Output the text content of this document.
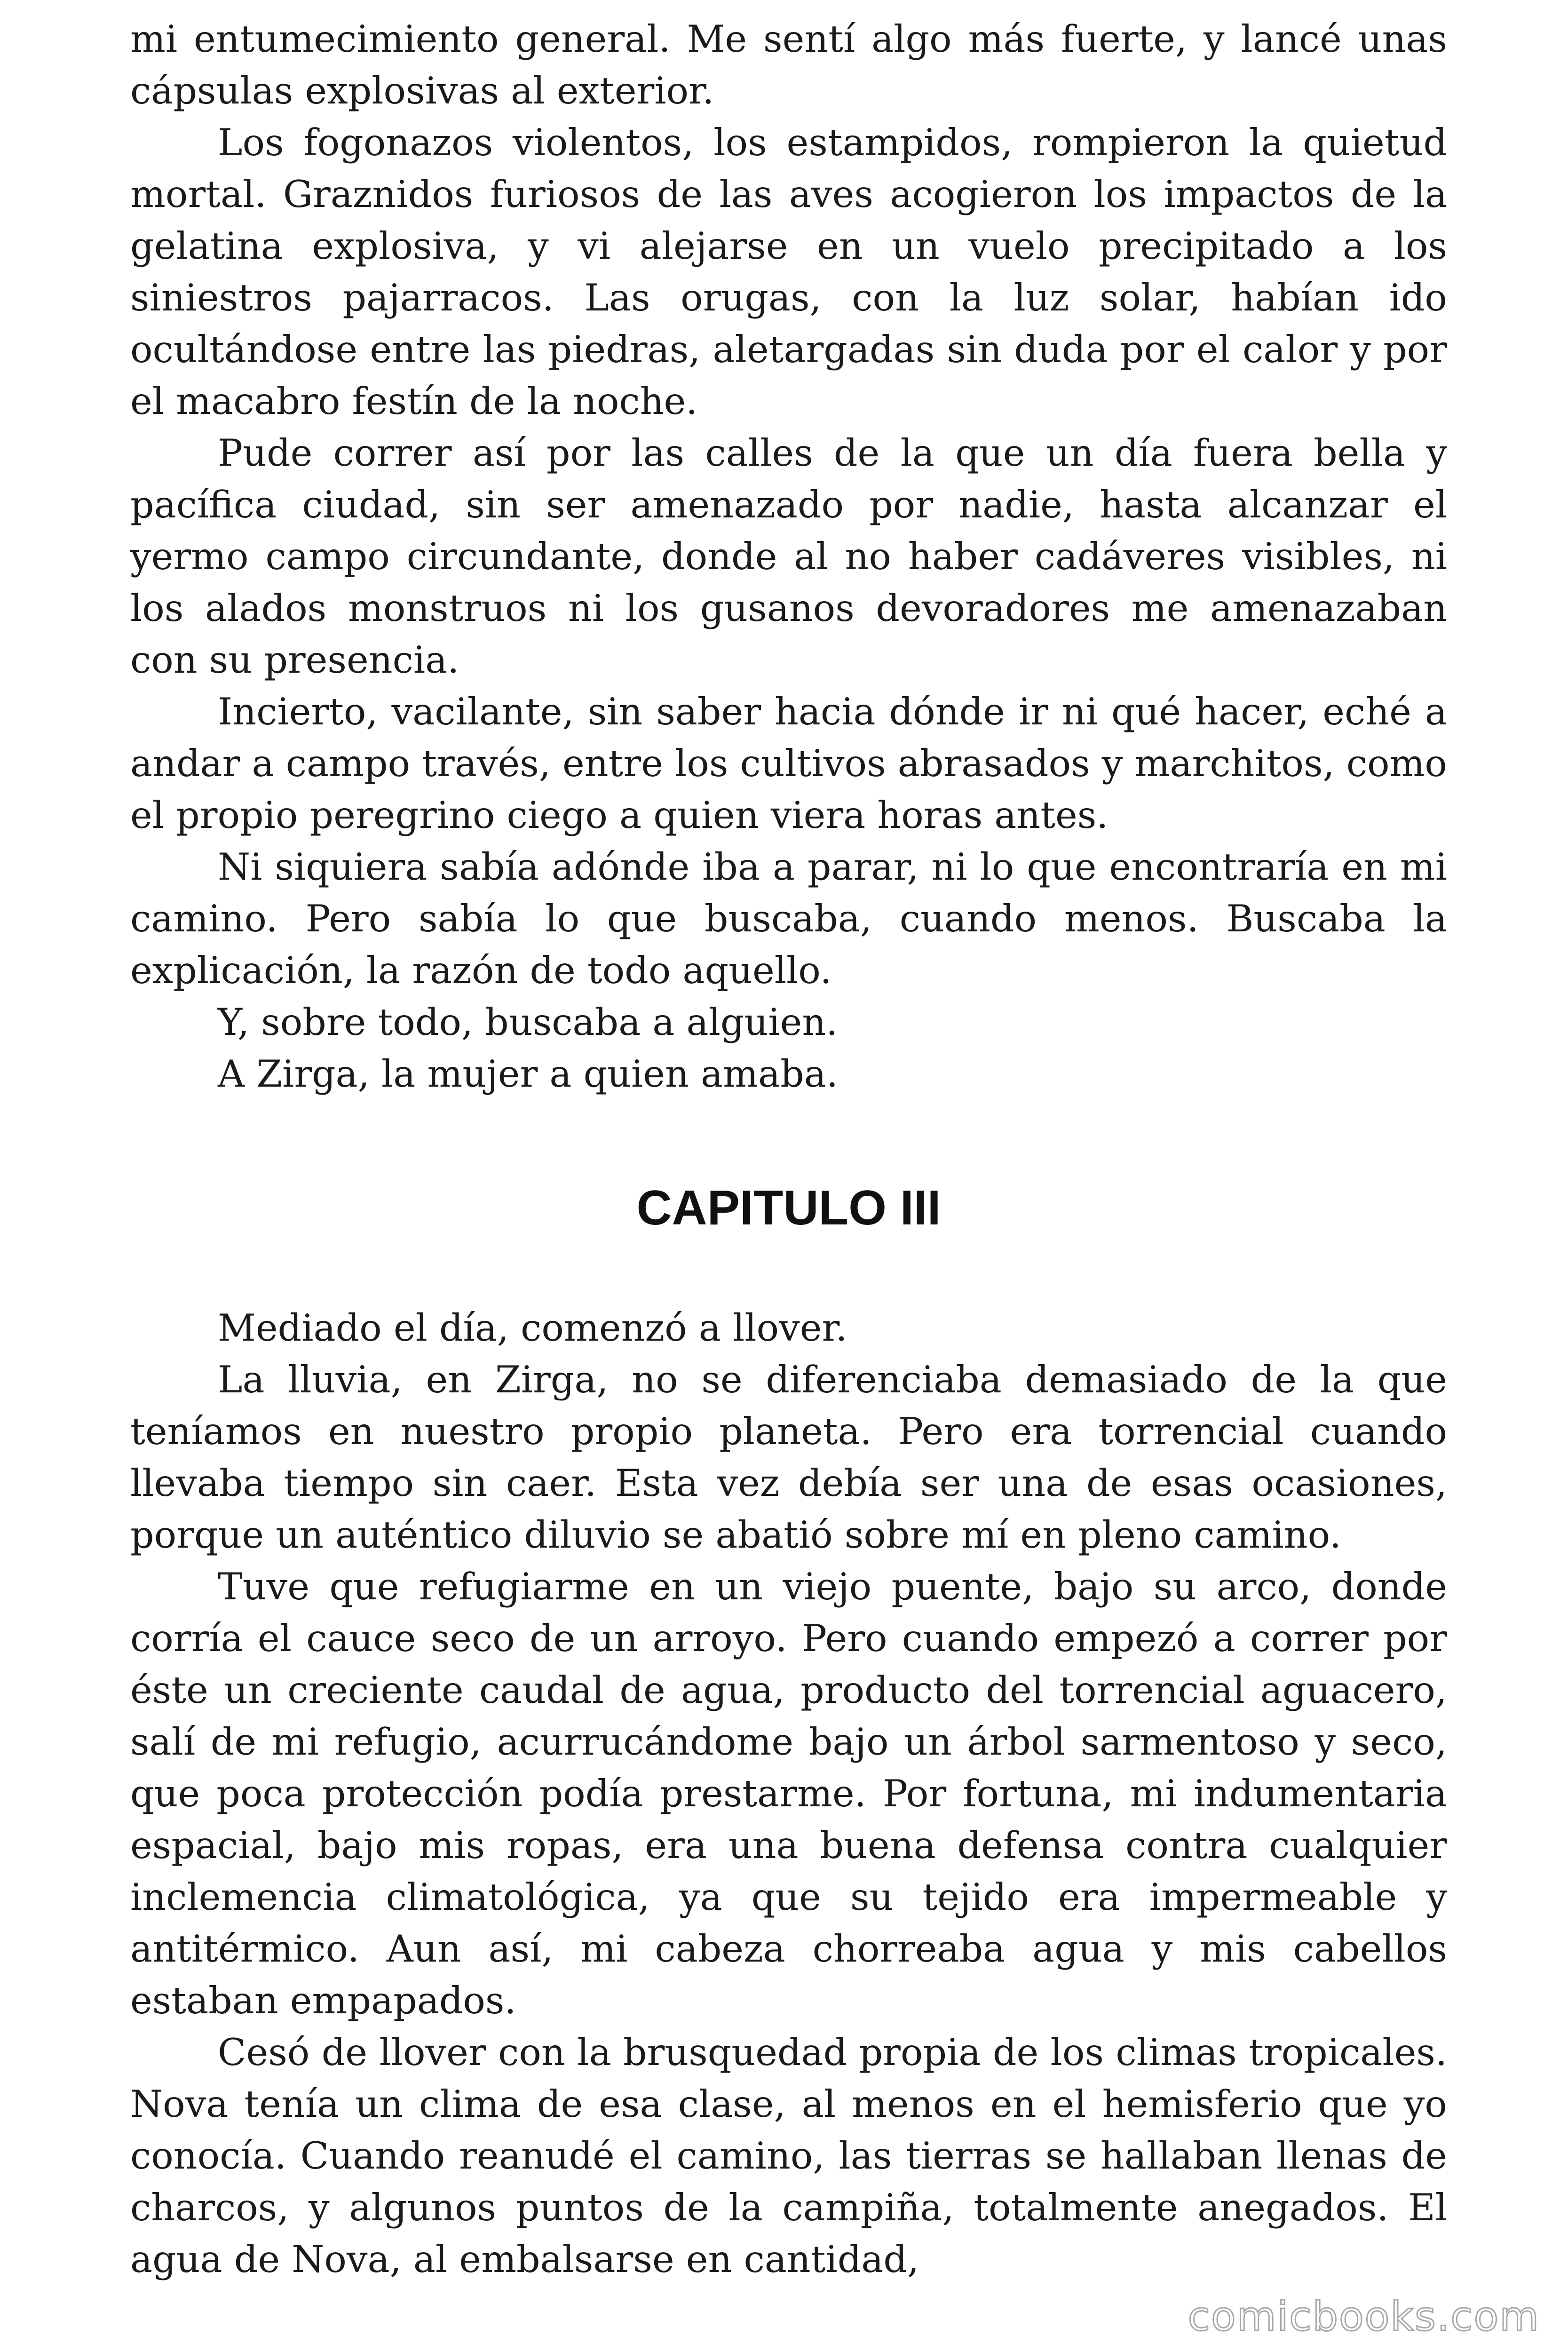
mi entumecimiento general. Me sentí algo más fuerte, y lancé unas cápsulas explosivas al exterior.

Los fogonazos violentos, los estampidos, rompieron la quietud mortal. Graznidos furiosos de las aves acogieron los impactos de la gelatina explosiva, y vi alejarse en un vuelo precipitado a los siniestros pajarracos. Las orugas, con la luz solar, habían ido ocultándose entre las piedras, aletargadas sin duda por el calor y por el macabro festín de la noche.

Pude correr así por las calles de la que un día fuera bella y pacífica ciudad, sin ser amenazado por nadie, hasta alcanzar el yermo campo circundante, donde al no haber cadáveres visibles, ni los alados monstruos ni los gusanos devoradores me amenazaban con su presencia.

Incierto, vacilante, sin saber hacia dónde ir ni qué hacer, eché a andar a campo través, entre los cultivos abrasados y marchitos, como el propio peregrino ciego a quien viera horas antes.

Ni siquiera sabía adónde iba a parar, ni lo que encontraría en mi camino. Pero sabía lo que buscaba, cuando menos. Buscaba la explicación, la razón de todo aquello.

Y, sobre todo, buscaba a alguien.

A Zirga, la mujer a quien amaba.

CAPITULO III

Mediado el día, comenzó a llover.

La lluvia, en Zirga, no se diferenciaba demasiado de la que teníamos en nuestro propio planeta. Pero era torrencial cuando llevaba tiempo sin caer. Esta vez debía ser una de esas ocasiones, porque un auténtico diluvio se abatió sobre mí en pleno camino.

Tuve que refugiarme en un viejo puente, bajo su arco, donde corría el cauce seco de un arroyo. Pero cuando empezó a correr por éste un creciente caudal de agua, producto del torrencial aguacero, salí de mi refugio, acurrucándome bajo un árbol sarmentoso y seco, que poca protección podía prestarme. Por fortuna, mi indumentaria espacial, bajo mis ropas, era una buena defensa contra cualquier inclemencia climatológica, ya que su tejido era impermeable y antitérmico. Aun así, mi cabeza chorreaba agua y mis cabellos estaban empapados.

Cesó de llover con la brusquedad propia de los climas tropicales. Nova tenía un clima de esa clase, al menos en el hemisferio que yo conocía. Cuando reanudé el camino, las tierras se hallaban llenas de charcos, y algunos puntos de la campiña, totalmente anegados. El agua de Nova, al embalsarse en cantidad,

comicbooks.com
